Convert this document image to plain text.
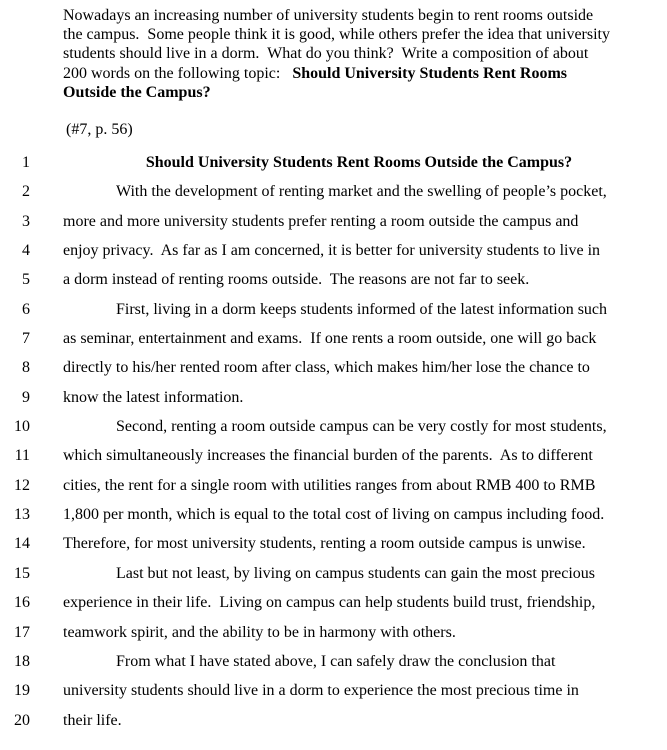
Nowadays an increasing number of university students begin to rent rooms outside
the campus.  Some people think it is good, while others prefer the idea that university
students should live in a dorm.  What do you think?  Write a composition of about
200 words on the following topic:   Should University Students Rent Rooms
Outside the Campus?
(#7, p. 56)
1	Should University Students Rent Rooms Outside the Campus?
2	With the development of renting market and the swelling of people’s pocket,
3 more and more university students prefer renting a room outside the campus and
4 enjoy privacy.  As far as I am concerned, it is better for university students to live in
5 a dorm instead of renting rooms outside.  The reasons are not far to seek.
6	First, living in a dorm keeps students informed of the latest information such
7 as seminar, entertainment and exams.  If one rents a room outside, one will go back
8 directly to his/her rented room after class, which makes him/her lose the chance to
9 know the latest information.
10	Second, renting a room outside campus can be very costly for most students,
11 which simultaneously increases the financial burden of the parents.  As to different
12 cities, the rent for a single room with utilities ranges from about RMB 400 to RMB
13 1,800 per month, which is equal to the total cost of living on campus including food.
14 Therefore, for most university students, renting a room outside campus is unwise.
15	Last but not least, by living on campus students can gain the most precious
16 experience in their life.  Living on campus can help students build trust, friendship,
17 teamwork spirit, and the ability to be in harmony with others.
18	From what I have stated above, I can safely draw the conclusion that
19 university students should live in a dorm to experience the most precious time in
20 their life.
